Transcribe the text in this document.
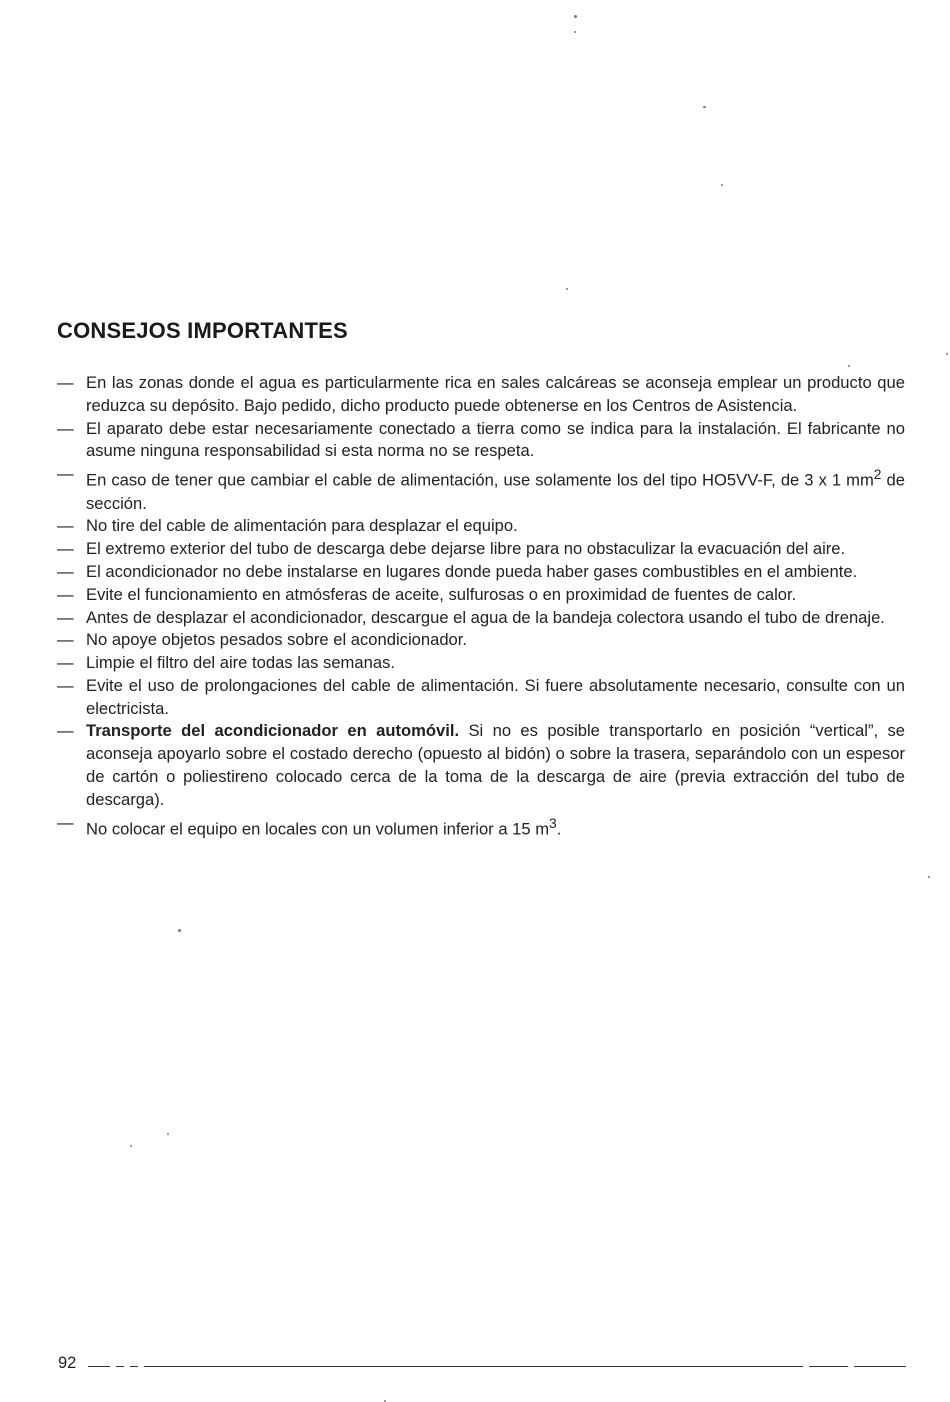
CONSEJOS IMPORTANTES
— En las zonas donde el agua es particularmente rica en sales calcáreas se aconseja emplear un producto que reduzca su depósito. Bajo pedido, dicho producto puede obtenerse en los Centros de Asistencia.
— El aparato debe estar necesariamente conectado a tierra como se indica para la instalación. El fabricante no asume ninguna responsabilidad si esta norma no se respeta.
— En caso de tener que cambiar el cable de alimentación, use solamente los del tipo HO5VV-F, de 3 x 1 $mm^2$ de sección.
— No tire del cable de alimentación para desplazar el equipo.
— El extremo exterior del tubo de descarga debe dejarse libre para no obstaculizar la evacuación del aire.
— El acondicionador no debe instalarse en lugares donde pueda haber gases combustibles en el ambiente.
— Evite el funcionamiento en atmósferas de aceite, sulfurosas o en proximidad de fuentes de calor.
— Antes de desplazar el acondicionador, descargue el agua de la bandeja colectora usando el tubo de drenaje.
— No apoye objetos pesados sobre el acondicionador.
— Limpie el filtro del aire todas las semanas.
— Evite el uso de prolongaciones del cable de alimentación. Si fuere absolutamente necesario, consulte con un electricista.
— Transporte del acondicionador en automóvil. Si no es posible transportarlo en posición “vertical”, se aconseja apoyarlo sobre el costado derecho (opuesto al bidón) o sobre la trasera, separándolo con un espesor de cartón o poliestireno colocado cerca de la toma de la descarga de aire (previa extracción del tubo de descarga).
— No colocar el equipo en locales con un volumen inferior a 15 $m^3$.
92
